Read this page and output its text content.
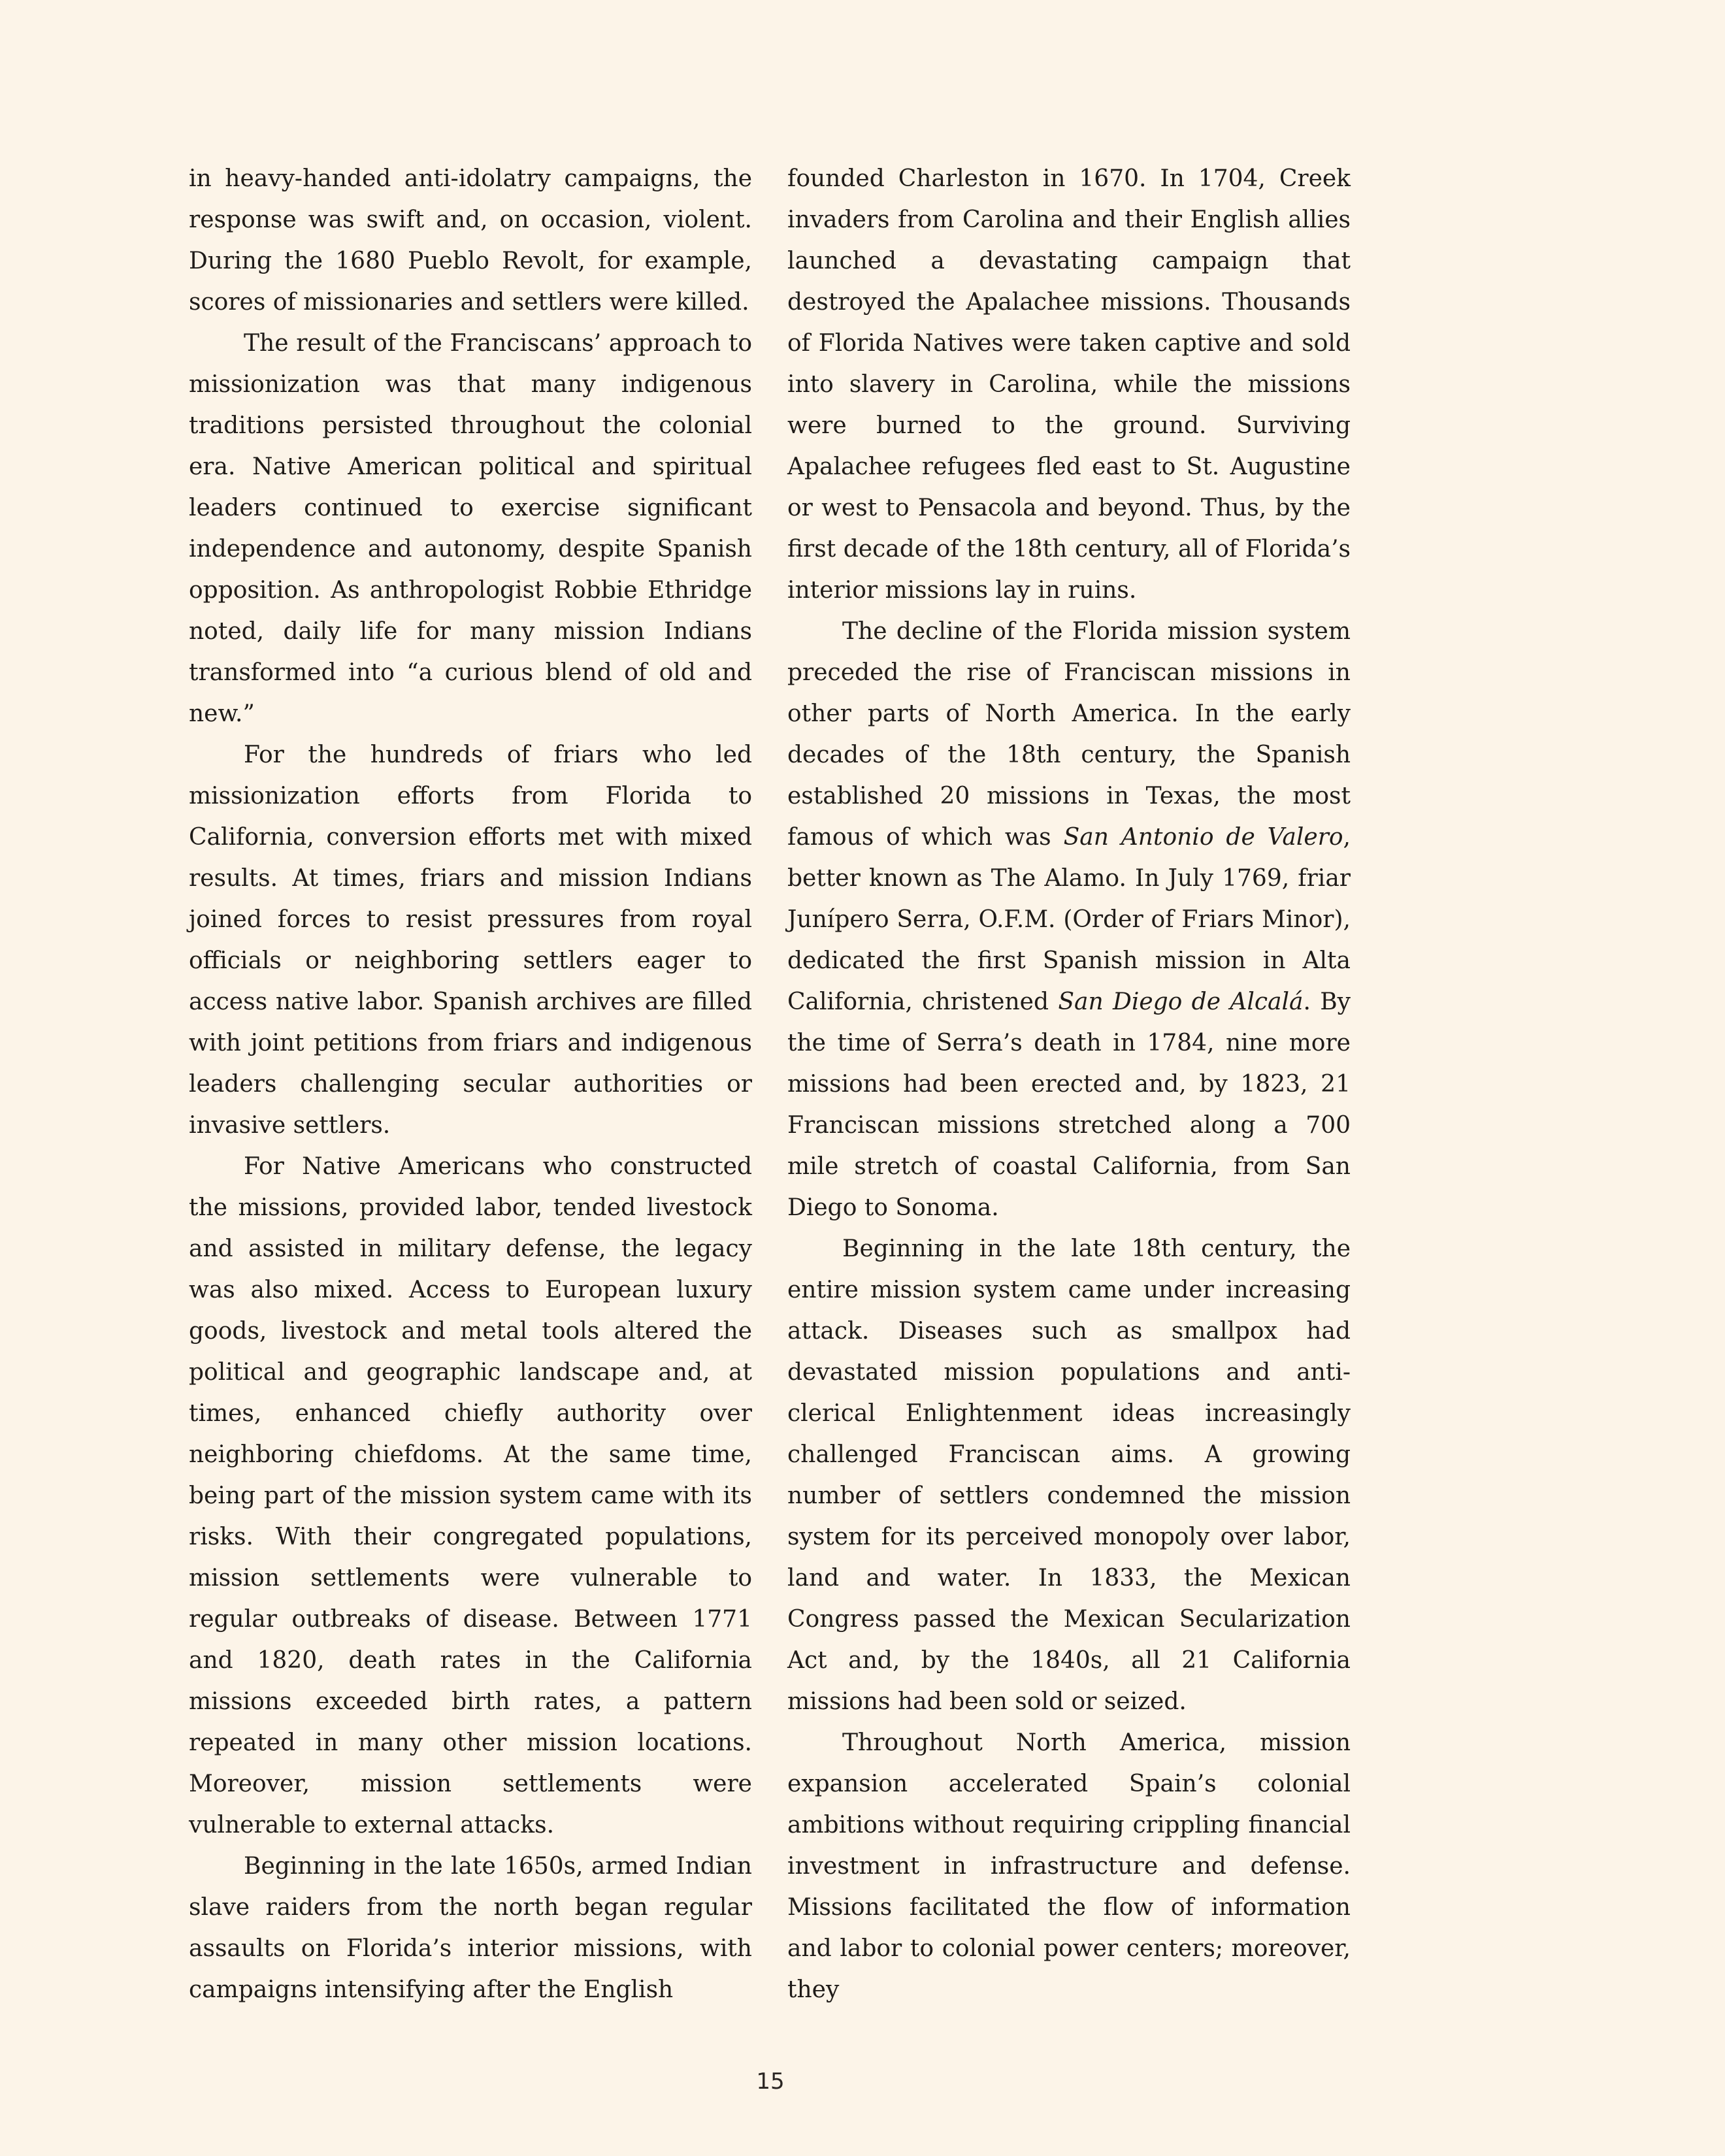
in heavy-handed anti-idolatry campaigns, the response was swift and, on occasion, violent. During the 1680 Pueblo Revolt, for example, scores of missionaries and settlers were killed.

The result of the Franciscans’ approach to missionization was that many indigenous traditions persisted throughout the colonial era. Native American political and spiritual leaders continued to exercise significant independence and autonomy, despite Spanish opposition. As anthropologist Robbie Ethridge noted, daily life for many mission Indians transformed into “a curious blend of old and new.”

For the hundreds of friars who led missionization efforts from Florida to California, conversion efforts met with mixed results. At times, friars and mission Indians joined forces to resist pressures from royal officials or neighboring settlers eager to access native labor. Spanish archives are filled with joint petitions from friars and indigenous leaders challenging secular authorities or invasive settlers.

For Native Americans who constructed the missions, provided labor, tended livestock and assisted in military defense, the legacy was also mixed. Access to European luxury goods, livestock and metal tools altered the political and geographic landscape and, at times, enhanced chiefly authority over neighboring chiefdoms. At the same time, being part of the mission system came with its risks. With their congregated populations, mission settlements were vulnerable to regular outbreaks of disease. Between 1771 and 1820, death rates in the California missions exceeded birth rates, a pattern repeated in many other mission locations. Moreover, mission settlements were vulnerable to external attacks.

Beginning in the late 1650s, armed Indian slave raiders from the north began regular assaults on Florida’s interior missions, with campaigns intensifying after the English

founded Charleston in 1670. In 1704, Creek invaders from Carolina and their English allies launched a devastating campaign that destroyed the Apalachee missions. Thousands of Florida Natives were taken captive and sold into slavery in Carolina, while the missions were burned to the ground. Surviving Apalachee refugees fled east to St. Augustine or west to Pensacola and beyond. Thus, by the first decade of the 18th century, all of Florida’s interior missions lay in ruins.

The decline of the Florida mission system preceded the rise of Franciscan missions in other parts of North America. In the early decades of the 18th century, the Spanish established 20 missions in Texas, the most famous of which was San Antonio de Valero, better known as The Alamo. In July 1769, friar Junípero Serra, O.F.M. (Order of Friars Minor), dedicated the first Spanish mission in Alta California, christened San Diego de Alcalá. By the time of Serra’s death in 1784, nine more missions had been erected and, by 1823, 21 Franciscan missions stretched along a 700 mile stretch of coastal California, from San Diego to Sonoma.

Beginning in the late 18th century, the entire mission system came under increasing attack. Diseases such as smallpox had devastated mission populations and anti-clerical Enlightenment ideas increasingly challenged Franciscan aims. A growing number of settlers condemned the mission system for its perceived monopoly over labor, land and water. In 1833, the Mexican Congress passed the Mexican Secularization Act and, by the 1840s, all 21 California missions had been sold or seized.

Throughout North America, mission expansion accelerated Spain’s colonial ambitions without requiring crippling financial investment in infrastructure and defense. Missions facilitated the flow of information and labor to colonial power centers; moreover, they

15
